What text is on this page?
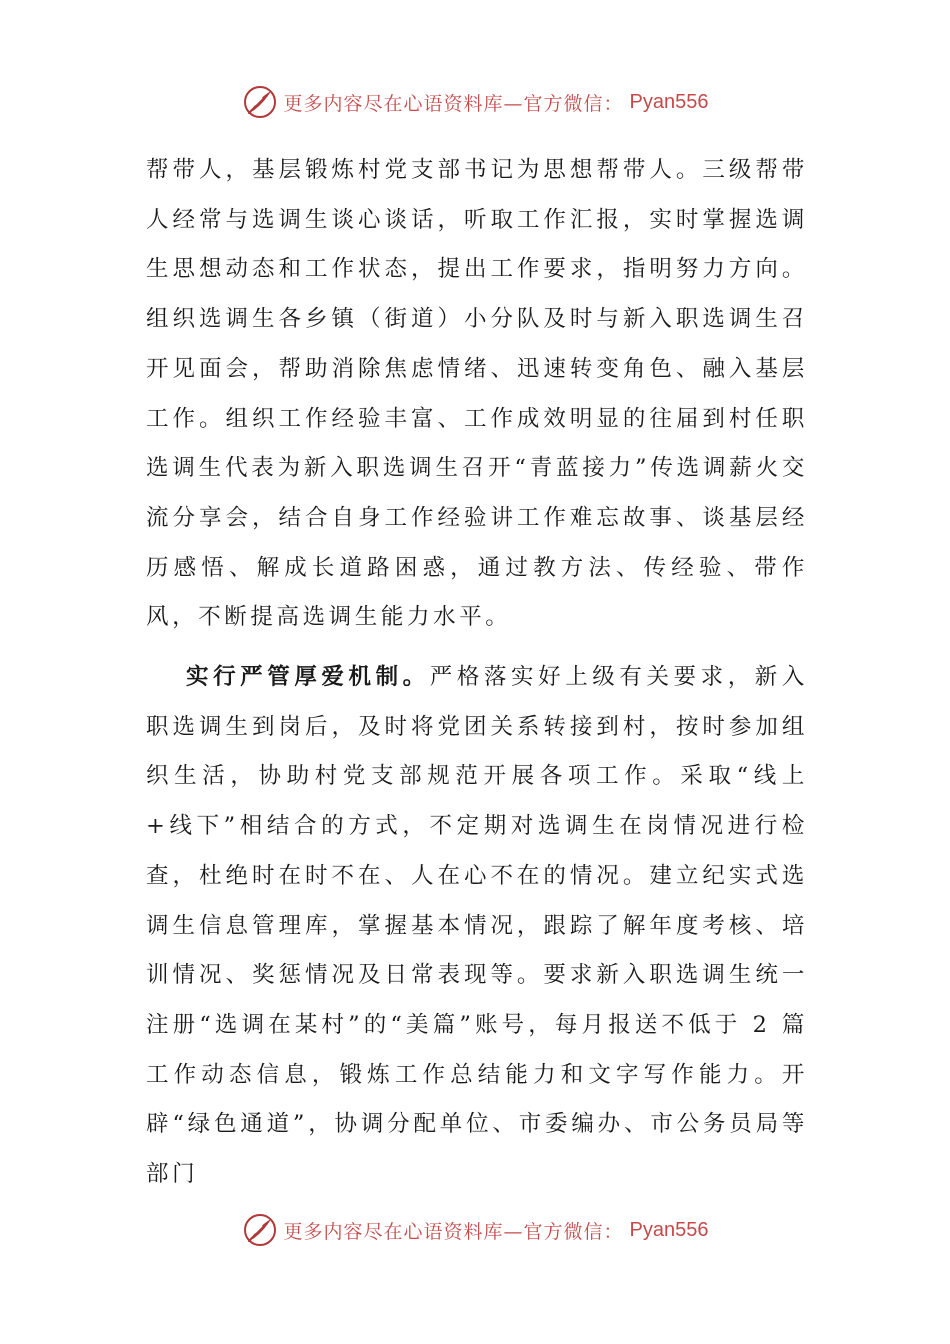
更多内容尽在心语资料库—官方微信： Pyan556

帮带人，基层锻炼村党支部书记为思想帮带人。三级帮带人经常与选调生谈心谈话，听取工作汇报，实时掌握选调生思想动态和工作状态，提出工作要求，指明努力方向。组织选调生各乡镇（街道）小分队及时与新入职选调生召开见面会，帮助消除焦虑情绪、迅速转变角色、融入基层工作。组织工作经验丰富、工作成效明显的往届到村任职选调生代表为新入职选调生召开“青蓝接力”传选调薪火交流分享会，结合自身工作经验讲工作难忘故事、谈基层经历感悟、解成长道路困惑，通过教方法、传经验、带作风，不断提高选调生能力水平。

实行严管厚爱机制。严格落实好上级有关要求，新入职选调生到岗后，及时将党团关系转接到村，按时参加组织生活，协助村党支部规范开展各项工作。采取“线上+线下”相结合的方式，不定期对选调生在岗情况进行检查，杜绝时在时不在、人在心不在的情况。建立纪实式选调生信息管理库，掌握基本情况，跟踪了解年度考核、培训情况、奖惩情况及日常表现等。要求新入职选调生统一注册“选调在某村”的“美篇”账号，每月报送不低于 2 篇工作动态信息，锻炼工作总结能力和文字写作能力。开辟“绿色通道”，协调分配单位、市委编办、市公务员局等部门

更多内容尽在心语资料库—官方微信： Pyan556
